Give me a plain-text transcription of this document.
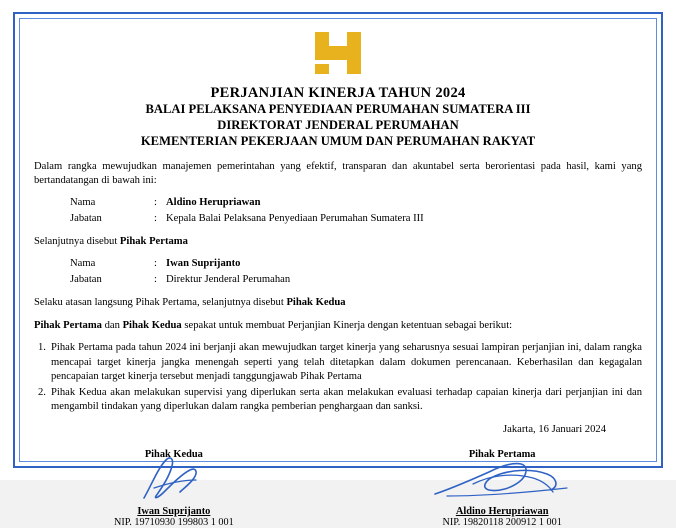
PERJANJIAN KINERJA TAHUN 2024
BALAI PELAKSANA PENYEDIAAN PERUMAHAN SUMATERA III
DIREKTORAT JENDERAL PERUMAHAN
KEMENTERIAN PEKERJAAN UMUM DAN PERUMAHAN RAKYAT
Dalam rangka mewujudkan manajemen pemerintahan yang efektif, transparan dan akuntabel serta berorientasi pada hasil, kami yang bertandatangan di bawah ini:
Nama	: Aldino Herupriawan
Jabatan	: Kepala Balai Pelaksana Penyediaan Perumahan Sumatera III
Selanjutnya disebut Pihak Pertama
Nama	: Iwan Suprijanto
Jabatan	: Direktur Jenderal Perumahan
Selaku atasan langsung Pihak Pertama, selanjutnya disebut Pihak Kedua
Pihak Pertama dan Pihak Kedua sepakat untuk membuat Perjanjian Kinerja dengan ketentuan sebagai berikut:
1. Pihak Pertama pada tahun 2024 ini berjanji akan mewujudkan target kinerja yang seharusnya sesuai lampiran perjanjian ini, dalam rangka mencapai target kinerja jangka menengah seperti yang telah ditetapkan dalam dokumen perencanaan. Keberhasilan dan kegagalan pencapaian target kinerja tersebut menjadi tanggungjawab Pihak Pertama
2. Pihak Kedua akan melakukan supervisi yang diperlukan serta akan melakukan evaluasi terhadap capaian kinerja dari perjanjian ini dan mengambil tindakan yang diperlukan dalam rangka pemberian penghargaan dan sanksi.
Jakarta, 16 Januari 2024
Pihak Kedua
Iwan Suprijanto
NIP. 19710930 199803 1 001
Pihak Pertama
Aldino Herupriawan
NIP. 19820118 200912 1 001
